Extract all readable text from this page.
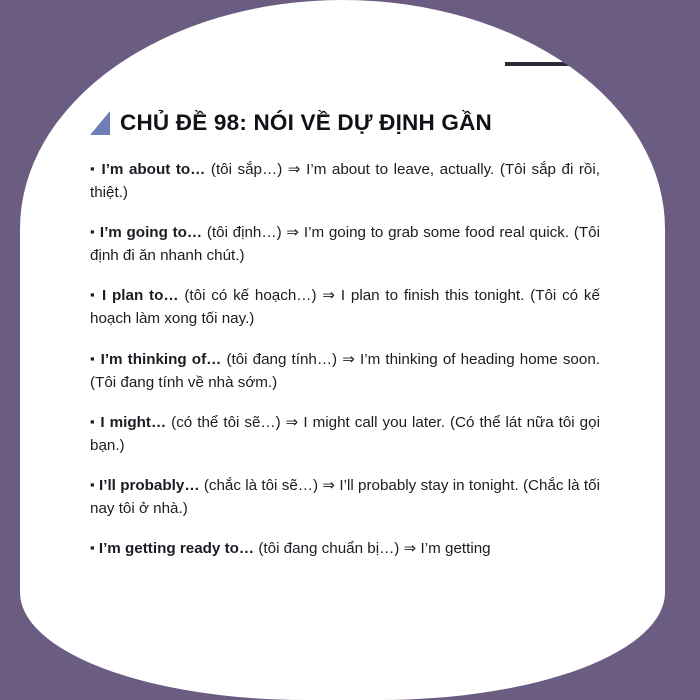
CHỦ ĐỀ 98: NÓI VỀ DỰ ĐỊNH GẦN

▪ I’m about to… (tôi sắp…) ⇒ I’m about to leave, actually. (Tôi sắp đi rồi, thiệt.)

▪ I’m going to… (tôi định…) ⇒ I’m going to grab some food real quick. (Tôi định đi ăn nhanh chút.)

▪ I plan to… (tôi có kế hoạch…) ⇒ I plan to finish this tonight. (Tôi có kế hoạch làm xong tối nay.)

▪ I’m thinking of… (tôi đang tính…) ⇒ I’m thinking of heading home soon. (Tôi đang tính về nhà sớm.)

▪ I might… (có thể tôi sẽ…) ⇒ I might call you later. (Có thể lát nữa tôi gọi bạn.)

▪ I’ll probably… (chắc là tôi sẽ…) ⇒ I’ll probably stay in tonight. (Chắc là tối nay tôi ở nhà.)

▪ I’m getting ready to… (tôi đang chuẩn bị…) ⇒ I’m getting
